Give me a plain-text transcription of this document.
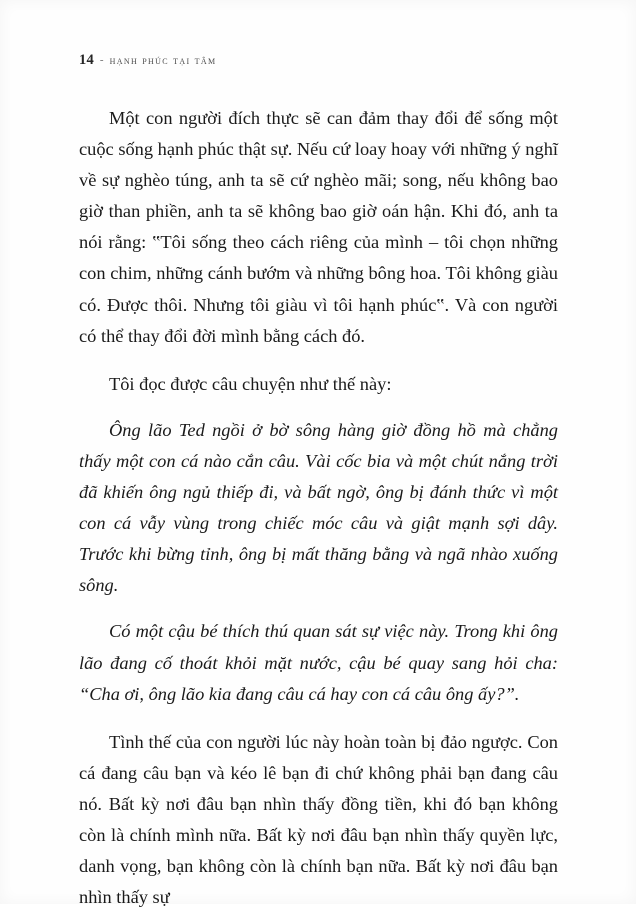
14 - hạnh phúc tại tâm

Một con người đích thực sẽ can đảm thay đổi để sống một cuộc sống hạnh phúc thật sự. Nếu cứ loay hoay với những ý nghĩ về sự nghèo túng, anh ta sẽ cứ nghèo mãi; song, nếu không bao giờ than phiền, anh ta sẽ không bao giờ oán hận. Khi đó, anh ta nói rằng: ‟Tôi sống theo cách riêng của mình – tôi chọn những con chim, những cánh bướm và những bông hoa. Tôi không giàu có. Được thôi. Nhưng tôi giàu vì tôi hạnh phúc‟. Và con người có thể thay đổi đời mình bằng cách đó.

Tôi đọc được câu chuyện như thế này:

Ông lão Ted ngồi ở bờ sông hàng giờ đồng hồ mà chẳng thấy một con cá nào cắn câu. Vài cốc bia và một chút nắng trời đã khiến ông ngủ thiếp đi, và bất ngờ, ông bị đánh thức vì một con cá vẫy vùng trong chiếc móc câu và giật mạnh sợi dây. Trước khi bừng tỉnh, ông bị mất thăng bằng và ngã nhào xuống sông.

Có một cậu bé thích thú quan sát sự việc này. Trong khi ông lão đang cố thoát khỏi mặt nước, cậu bé quay sang hỏi cha: “Cha ơi, ông lão kia đang câu cá hay con cá câu ông ấy?”.

Tình thế của con người lúc này hoàn toàn bị đảo ngược. Con cá đang câu bạn và kéo lê bạn đi chứ không phải bạn đang câu nó. Bất kỳ nơi đâu bạn nhìn thấy đồng tiền, khi đó bạn không còn là chính mình nữa. Bất kỳ nơi đâu bạn nhìn thấy quyền lực, danh vọng, bạn không còn là chính bạn nữa. Bất kỳ nơi đâu bạn nhìn thấy sự
